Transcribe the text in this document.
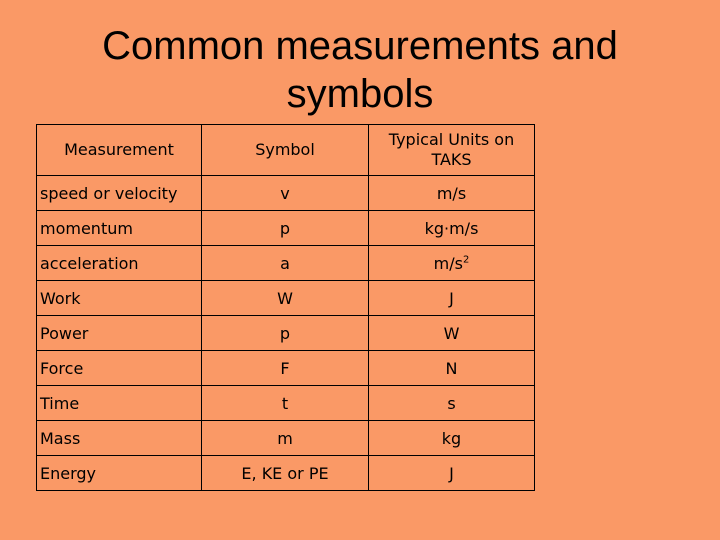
Common measurements and
symbols
Measurement	Symbol	Typical Units on TAKS
speed or velocity	v	m/s
momentum	p	kg·m/s
acceleration	a	$m/s^2$
Work	W	J
Power	p	W
Force	F	N
Time	t	s
Mass	m	kg
Energy	E, KE or PE	J
